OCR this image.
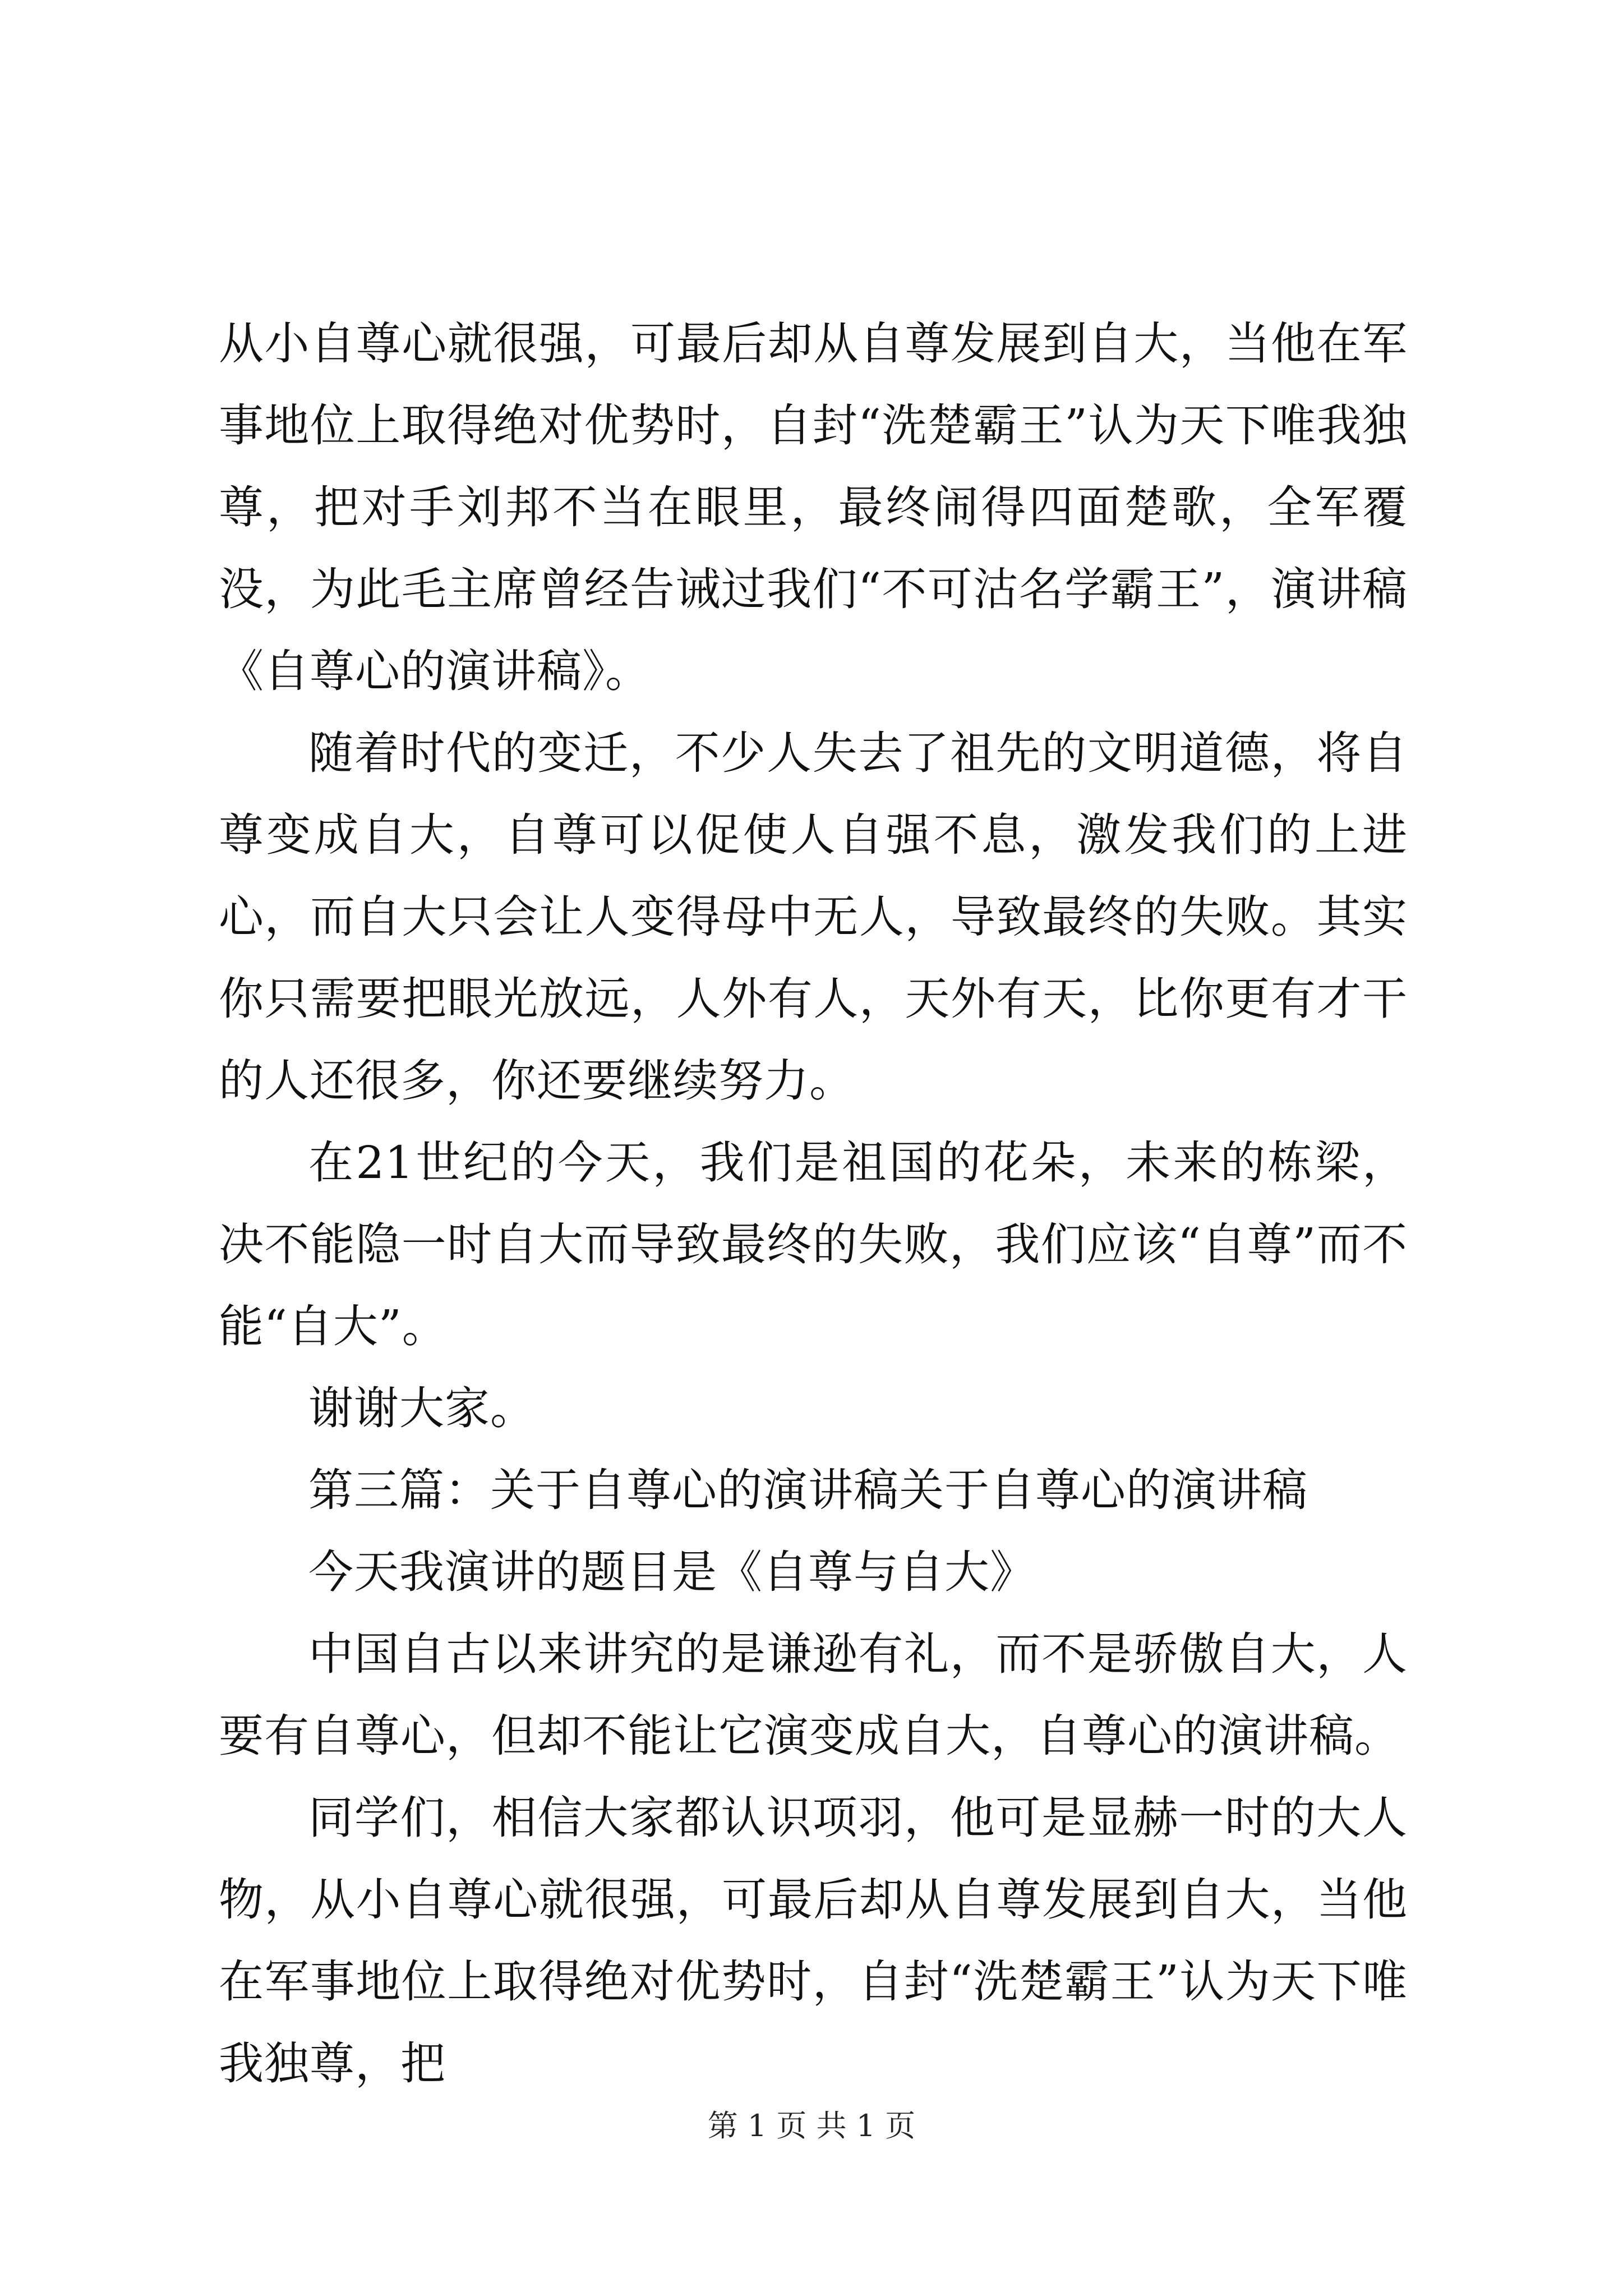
从小自尊心就很强，可最后却从自尊发展到自大，当他在军事地位上取得绝对优势时，自封“洗楚霸王”认为天下唯我独尊，把对手刘邦不当在眼里，最终闹得四面楚歌，全军覆没，为此毛主席曾经告诫过我们“不可沽名学霸王”，演讲稿《自尊心的演讲稿》。

随着时代的变迁，不少人失去了祖先的文明道德，将自尊变成自大，自尊可以促使人自强不息，激发我们的上进心，而自大只会让人变得母中无人，导致最终的失败。其实你只需要把眼光放远，人外有人，天外有天，比你更有才干的人还很多，你还要继续努力。

在21世纪的今天，我们是祖国的花朵，未来的栋梁，决不能隐一时自大而导致最终的失败，我们应该“自尊”而不能“自大”。

谢谢大家。

第三篇：关于自尊心的演讲稿关于自尊心的演讲稿

今天我演讲的题目是《自尊与自大》

中国自古以来讲究的是谦逊有礼，而不是骄傲自大，人要有自尊心，但却不能让它演变成自大，自尊心的演讲稿。

同学们，相信大家都认识项羽，他可是显赫一时的大人物，从小自尊心就很强，可最后却从自尊发展到自大，当他在军事地位上取得绝对优势时，自封“洗楚霸王”认为天下唯我独尊，把

第 1 页 共 1 页
